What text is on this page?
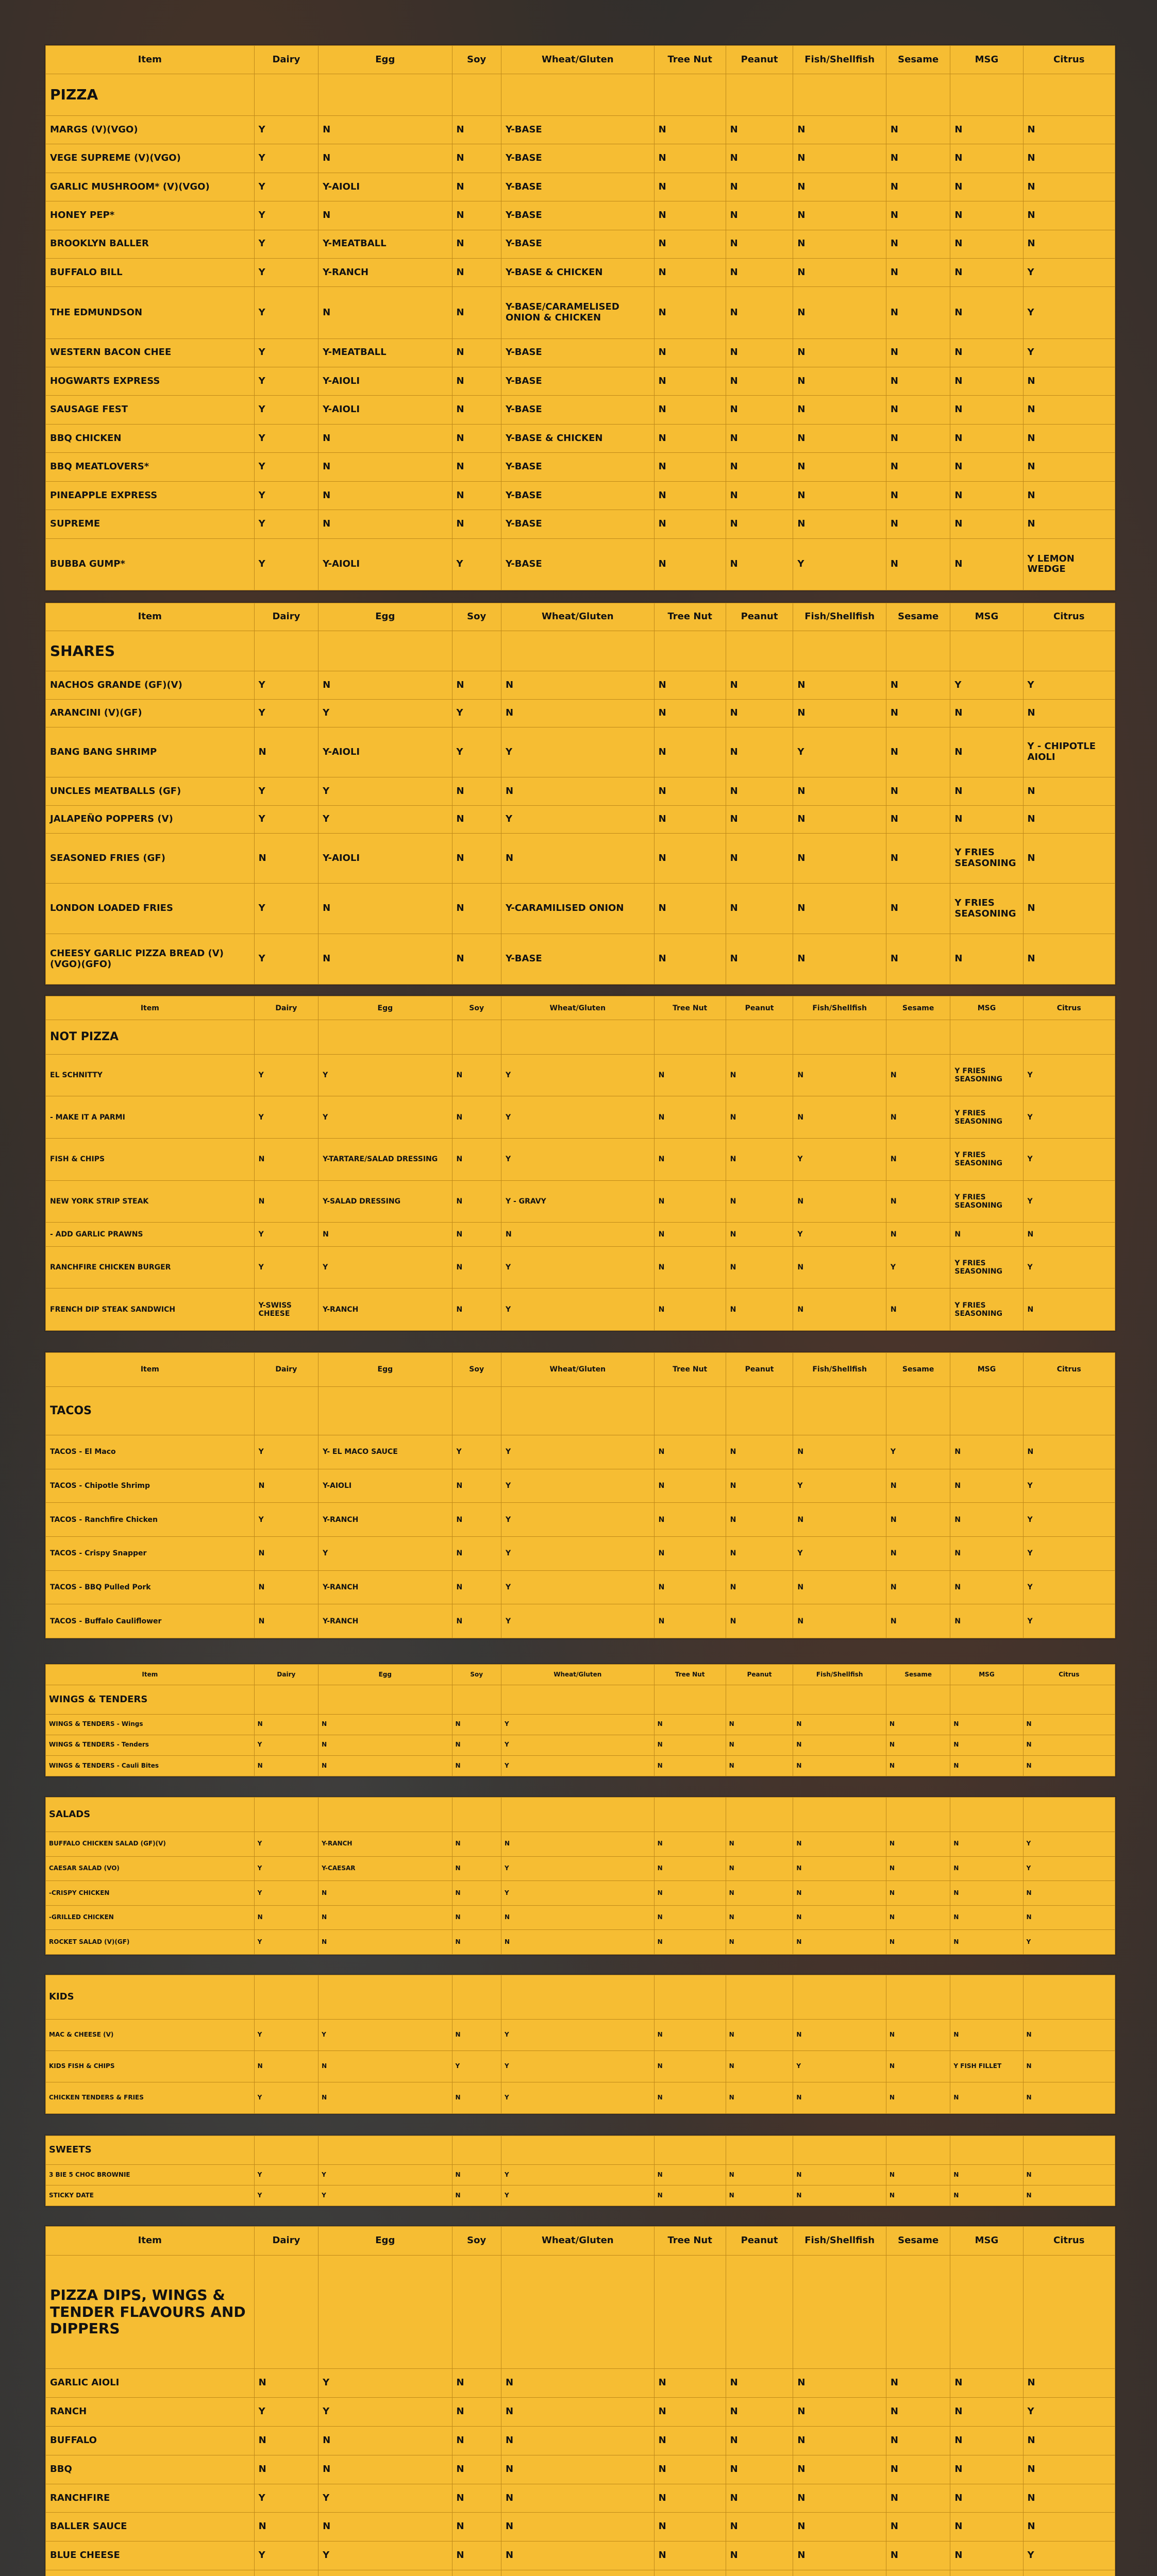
Item	Dairy	Egg	Soy	Wheat/Gluten	Tree Nut	Peanut	Fish/Shellfish	Sesame	MSG	Citrus
PIZZA										
MARGS (V)(VGO)	Y	N	N	Y-BASE	N	N	N	N	N	N
VEGE SUPREME (V)(VGO)	Y	N	N	Y-BASE	N	N	N	N	N	N
GARLIC MUSHROOM* (V)(VGO)	Y	Y-AIOLI	N	Y-BASE	N	N	N	N	N	N
HONEY PEP*	Y	N	N	Y-BASE	N	N	N	N	N	N
BROOKLYN BALLER	Y	Y-MEATBALL	N	Y-BASE	N	N	N	N	N	N
BUFFALO BILL	Y	Y-RANCH	N	Y-BASE & CHICKEN	N	N	N	N	N	Y
THE EDMUNDSON	Y	N	N	Y-BASE/CARAMELISED ONION & CHICKEN	N	N	N	N	N	Y
WESTERN BACON CHEE	Y	Y-MEATBALL	N	Y-BASE	N	N	N	N	N	Y
HOGWARTS EXPRESS	Y	Y-AIOLI	N	Y-BASE	N	N	N	N	N	N
SAUSAGE FEST	Y	Y-AIOLI	N	Y-BASE	N	N	N	N	N	N
BBQ CHICKEN	Y	N	N	Y-BASE & CHICKEN	N	N	N	N	N	N
BBQ MEATLOVERS*	Y	N	N	Y-BASE	N	N	N	N	N	N
PINEAPPLE EXPRESS	Y	N	N	Y-BASE	N	N	N	N	N	N
SUPREME	Y	N	N	Y-BASE	N	N	N	N	N	N
BUBBA GUMP*	Y	Y-AIOLI	Y	Y-BASE	N	N	Y	N	N	Y LEMON WEDGE
Item	Dairy	Egg	Soy	Wheat/Gluten	Tree Nut	Peanut	Fish/Shellfish	Sesame	MSG	Citrus
SHARES										
NACHOS GRANDE (GF)(V)	Y	N	N	N	N	N	N	N	Y	Y
ARANCINI (V)(GF)	Y	Y	Y	N	N	N	N	N	N	N
BANG BANG SHRIMP	N	Y-AIOLI	Y	Y	N	N	Y	N	N	Y - CHIPOTLE AIOLI
UNCLES MEATBALLS (GF)	Y	Y	N	N	N	N	N	N	N	N
JALAPEÑO POPPERS (V)	Y	Y	N	Y	N	N	N	N	N	N
SEASONED FRIES (GF)	N	Y-AIOLI	N	N	N	N	N	N	Y FRIES SEASONING	N
LONDON LOADED FRIES	Y	N	N	Y-CARAMILISED ONION	N	N	N	N	Y FRIES SEASONING	N
CHEESY GARLIC PIZZA BREAD (V)(VGO)(GFO)	Y	N	N	Y-BASE	N	N	N	N	N	N
Item	Dairy	Egg	Soy	Wheat/Gluten	Tree Nut	Peanut	Fish/Shellfish	Sesame	MSG	Citrus
NOT PIZZA										
EL SCHNITTY	Y	Y	N	Y	N	N	N	N	Y FRIES SEASONING	Y
- MAKE IT A PARMI	Y	Y	N	Y	N	N	N	N	Y FRIES SEASONING	Y
FISH & CHIPS	N	Y-TARTARE/SALAD DRESSING	N	Y	N	N	Y	N	Y FRIES SEASONING	Y
NEW YORK STRIP STEAK	N	Y-SALAD DRESSING	N	Y - GRAVY	N	N	N	N	Y FRIES SEASONING	Y
- ADD GARLIC PRAWNS	Y	N	N	N	N	N	Y	N	N	N
RANCHFIRE CHICKEN BURGER	Y	Y	N	Y	N	N	N	Y	Y FRIES SEASONING	Y
FRENCH DIP STEAK SANDWICH	Y-SWISS CHEESE	Y-RANCH	N	Y	N	N	N	N	Y FRIES SEASONING	N
Item	Dairy	Egg	Soy	Wheat/Gluten	Tree Nut	Peanut	Fish/Shellfish	Sesame	MSG	Citrus
TACOS										
TACOS - El Maco	Y	Y- EL MACO SAUCE	Y	Y	N	N	N	Y	N	N
TACOS - Chipotle Shrimp	N	Y-AIOLI	N	Y	N	N	Y	N	N	Y
TACOS - Ranchfire Chicken	Y	Y-RANCH	N	Y	N	N	N	N	N	Y
TACOS - Crispy Snapper	N	Y	N	Y	N	N	Y	N	N	Y
TACOS - BBQ Pulled Pork	N	Y-RANCH	N	Y	N	N	N	N	N	Y
TACOS - Buffalo Cauliflower	N	Y-RANCH	N	Y	N	N	N	N	N	Y
Item	Dairy	Egg	Soy	Wheat/Gluten	Tree Nut	Peanut	Fish/Shellfish	Sesame	MSG	Citrus
WINGS & TENDERS										
WINGS & TENDERS - Wings	N	N	N	Y	N	N	N	N	N	N
WINGS & TENDERS - Tenders	Y	N	N	Y	N	N	N	N	N	N
WINGS & TENDERS - Cauli Bites	N	N	N	Y	N	N	N	N	N	N
SALADS										
BUFFALO CHICKEN SALAD (GF)(V)	Y	Y-RANCH	N	N	N	N	N	N	N	Y
CAESAR SALAD (VO)	Y	Y-CAESAR	N	Y	N	N	N	N	N	Y
-CRISPY CHICKEN	Y	N	N	Y	N	N	N	N	N	N
-GRILLED CHICKEN	N	N	N	N	N	N	N	N	N	N
ROCKET SALAD (V)(GF)	Y	N	N	N	N	N	N	N	N	Y
KIDS										
MAC & CHEESE (V)	Y	Y	N	Y	N	N	N	N	N	N
KIDS FISH & CHIPS	N	N	Y	Y	N	N	Y	N	Y FISH FILLET	N
CHICKEN TENDERS & FRIES	Y	N	N	Y	N	N	N	N	N	N
SWEETS										
3 BIE 5 CHOC BROWNIE	Y	Y	N	Y	N	N	N	N	N	N
STICKY DATE	Y	Y	N	Y	N	N	N	N	N	N
Item	Dairy	Egg	Soy	Wheat/Gluten	Tree Nut	Peanut	Fish/Shellfish	Sesame	MSG	Citrus
PIZZA DIPS, WINGS & TENDER FLAVOURS AND DIPPERS										
GARLIC AIOLI	N	Y	N	N	N	N	N	N	N	N
RANCH	Y	Y	N	N	N	N	N	N	N	Y
BUFFALO	N	N	N	N	N	N	N	N	N	N
BBQ	N	N	N	N	N	N	N	N	N	N
RANCHFIRE	Y	Y	N	N	N	N	N	N	N	N
BALLER SAUCE	N	N	N	N	N	N	N	N	N	N
BLUE CHEESE	Y	Y	N	N	N	N	N	N	N	Y
